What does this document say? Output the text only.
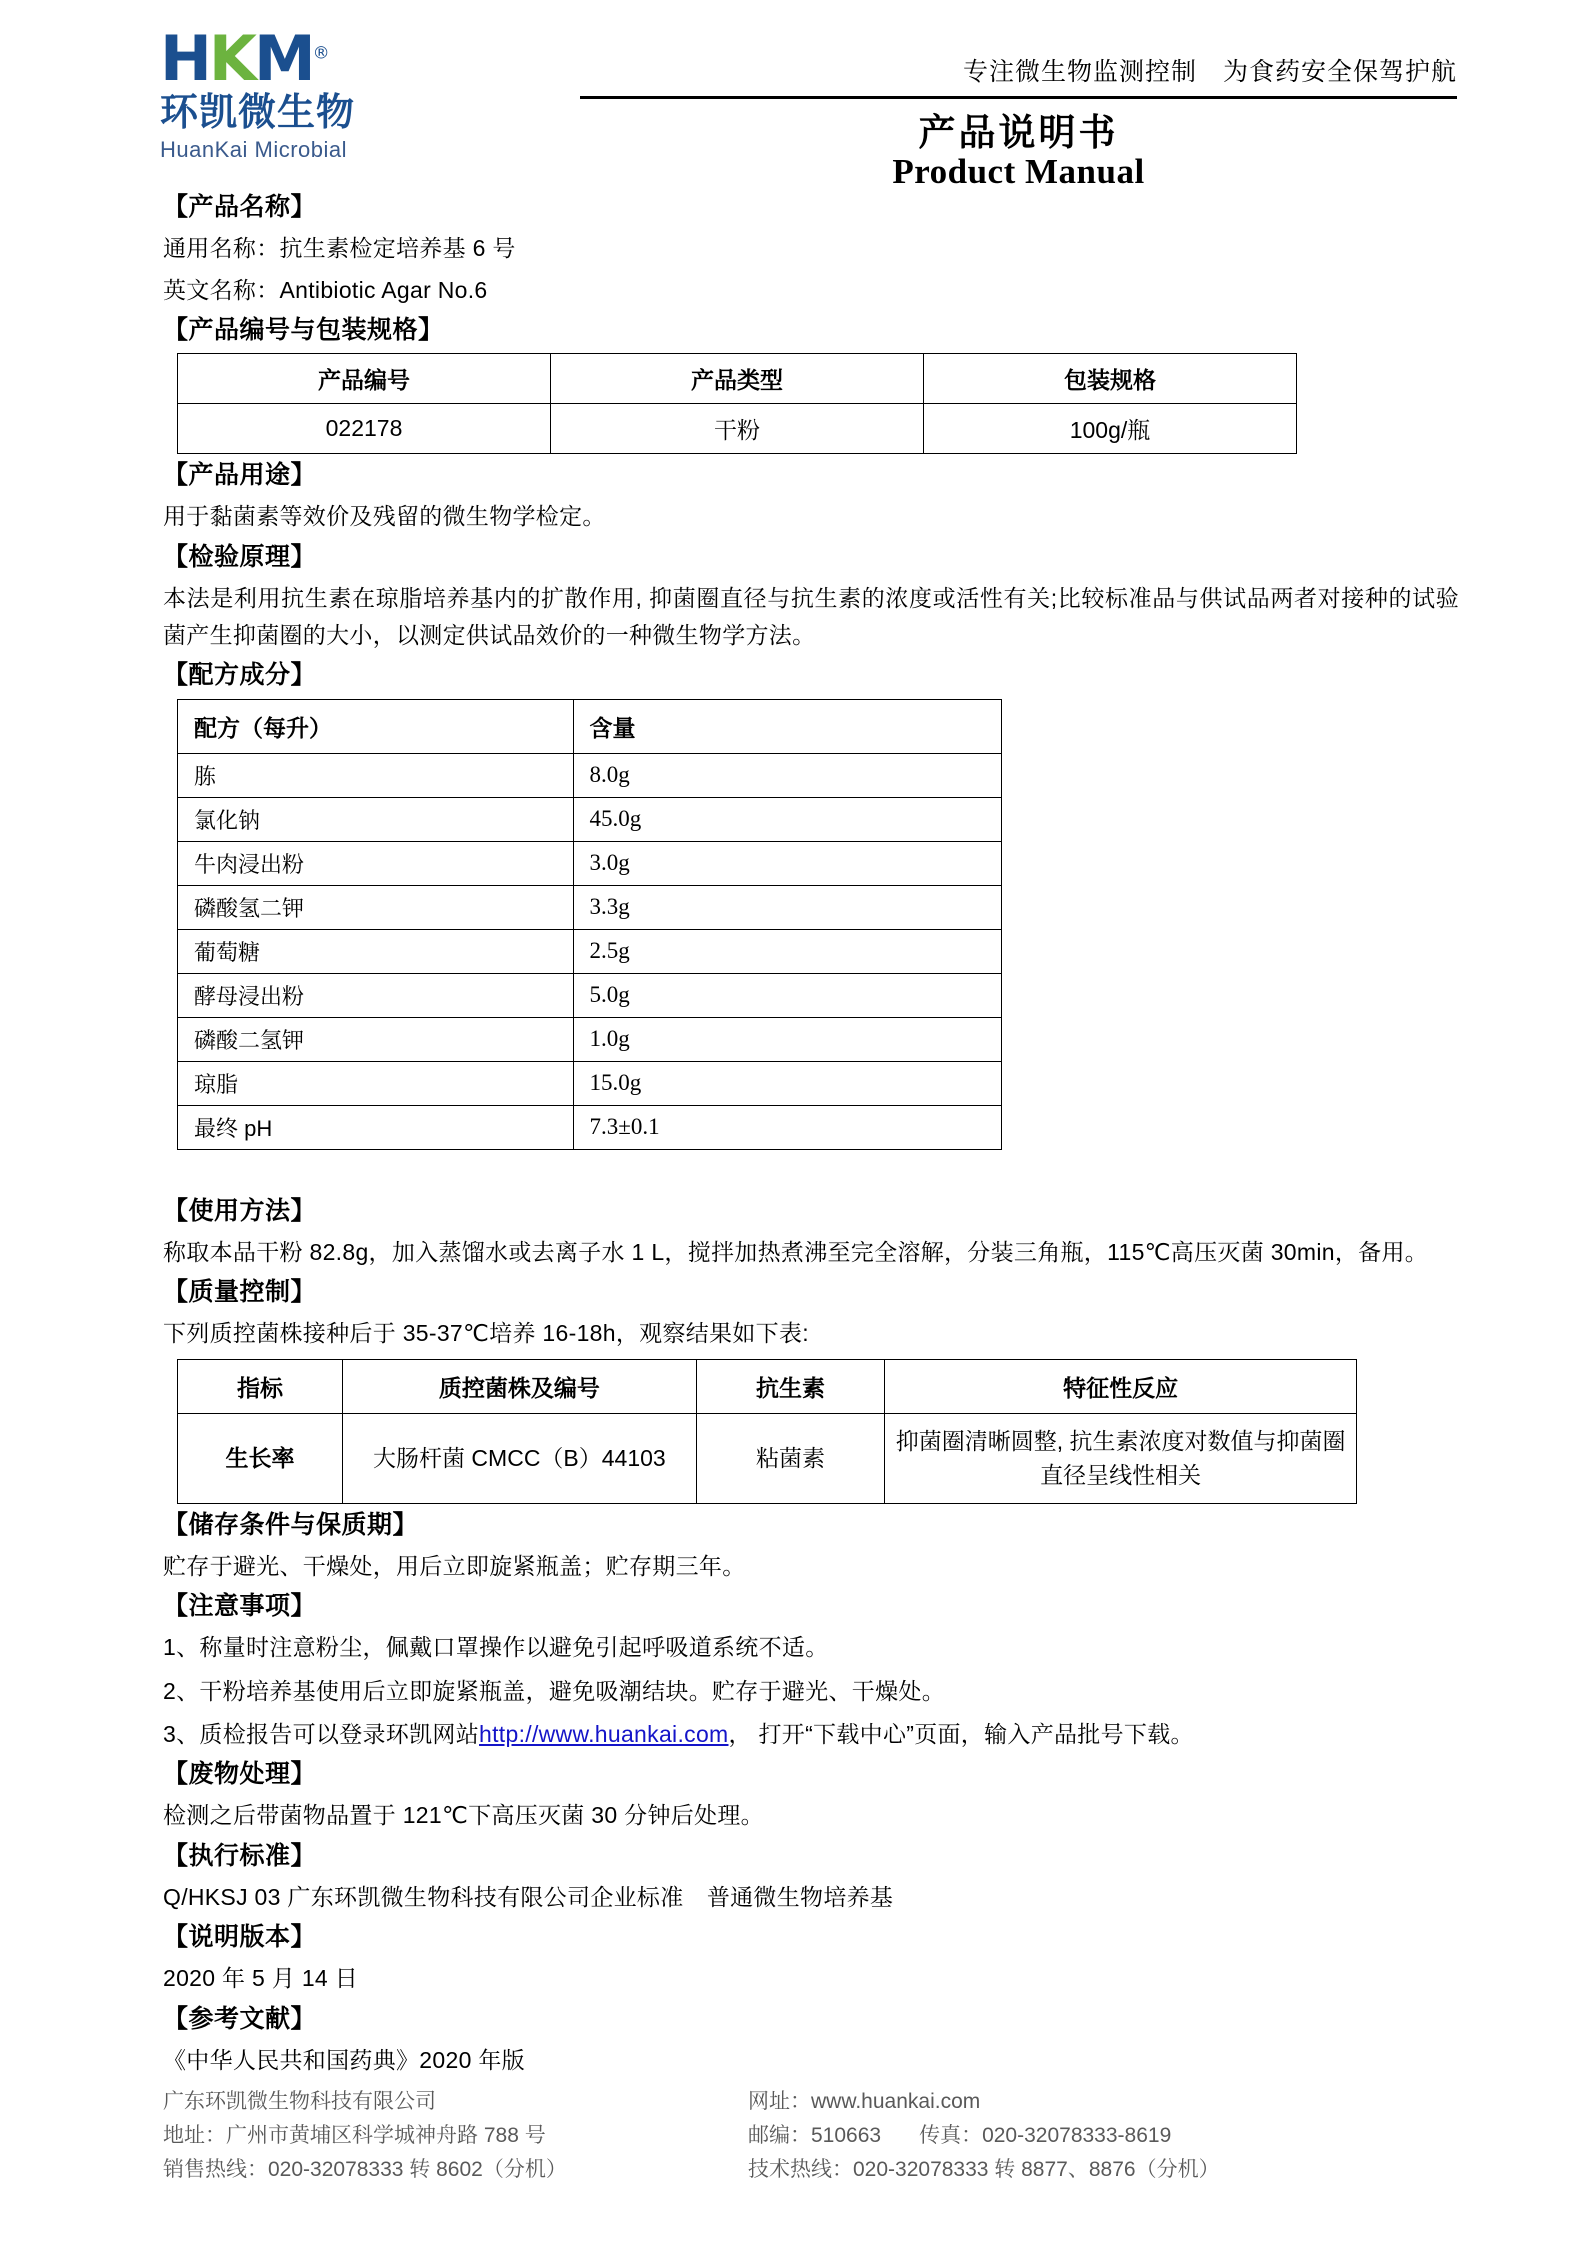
HKM®
环凯微生物
HuanKai Microbial
专注微生物监测控制 为食药安全保驾护航
产品说明书
Product Manual
【产品名称】
通用名称：抗生素检定培养基 6 号
英文名称：Antibiotic Agar No.6
【产品编号与包装规格】
产品编号	产品类型	包装规格
022178	干粉	100g/瓶
【产品用途】
用于黏菌素等效价及残留的微生物学检定。
【检验原理】
本法是利用抗生素在琼脂培养基内的扩散作用, 抑菌圈直径与抗生素的浓度或活性有关;比较标准品与供试品两者对接种的试验菌产生抑菌圈的大小，以测定供试品效价的一种微生物学方法。
【配方成分】
配方（每升）	含量
胨	8.0g
氯化钠	45.0g
牛肉浸出粉	3.0g
磷酸氢二钾	3.3g
葡萄糖	2.5g
酵母浸出粉	5.0g
磷酸二氢钾	1.0g
琼脂	15.0g
最终 pH	7.3±0.1
【使用方法】
称取本品干粉 82.8g，加入蒸馏水或去离子水 1 L，搅拌加热煮沸至完全溶解，分装三角瓶，115℃高压灭菌 30min，备用。
【质量控制】
下列质控菌株接种后于 35-37℃培养 16-18h，观察结果如下表:
指标	质控菌株及编号	抗生素	特征性反应
生长率	大肠杆菌 CMCC（B）44103	粘菌素	抑菌圈清晰圆整, 抗生素浓度对数值与抑菌圈直径呈线性相关
【储存条件与保质期】
贮存于避光、干燥处，用后立即旋紧瓶盖；贮存期三年。
【注意事项】
1、称量时注意粉尘，佩戴口罩操作以避免引起呼吸道系统不适。
2、干粉培养基使用后立即旋紧瓶盖，避免吸潮结块。贮存于避光、干燥处。
3、质检报告可以登录环凯网站http://www.huankai.com， 打开“下载中心”页面，输入产品批号下载。
【废物处理】
检测之后带菌物品置于 121℃下高压灭菌 30 分钟后处理。
【执行标准】
Q/HKSJ 03 广东环凯微生物科技有限公司企业标准　普通微生物培养基
【说明版本】
2020 年 5 月 14 日
【参考文献】
《中华人民共和国药典》2020 年版
广东环凯微生物科技有限公司	网址：www.huankai.com
地址：广州市黄埔区科学城神舟路 788 号	邮编：510663 传真：020-32078333-8619
销售热线：020-32078333 转 8602（分机）	技术热线：020-32078333 转 8877、8876（分机）
